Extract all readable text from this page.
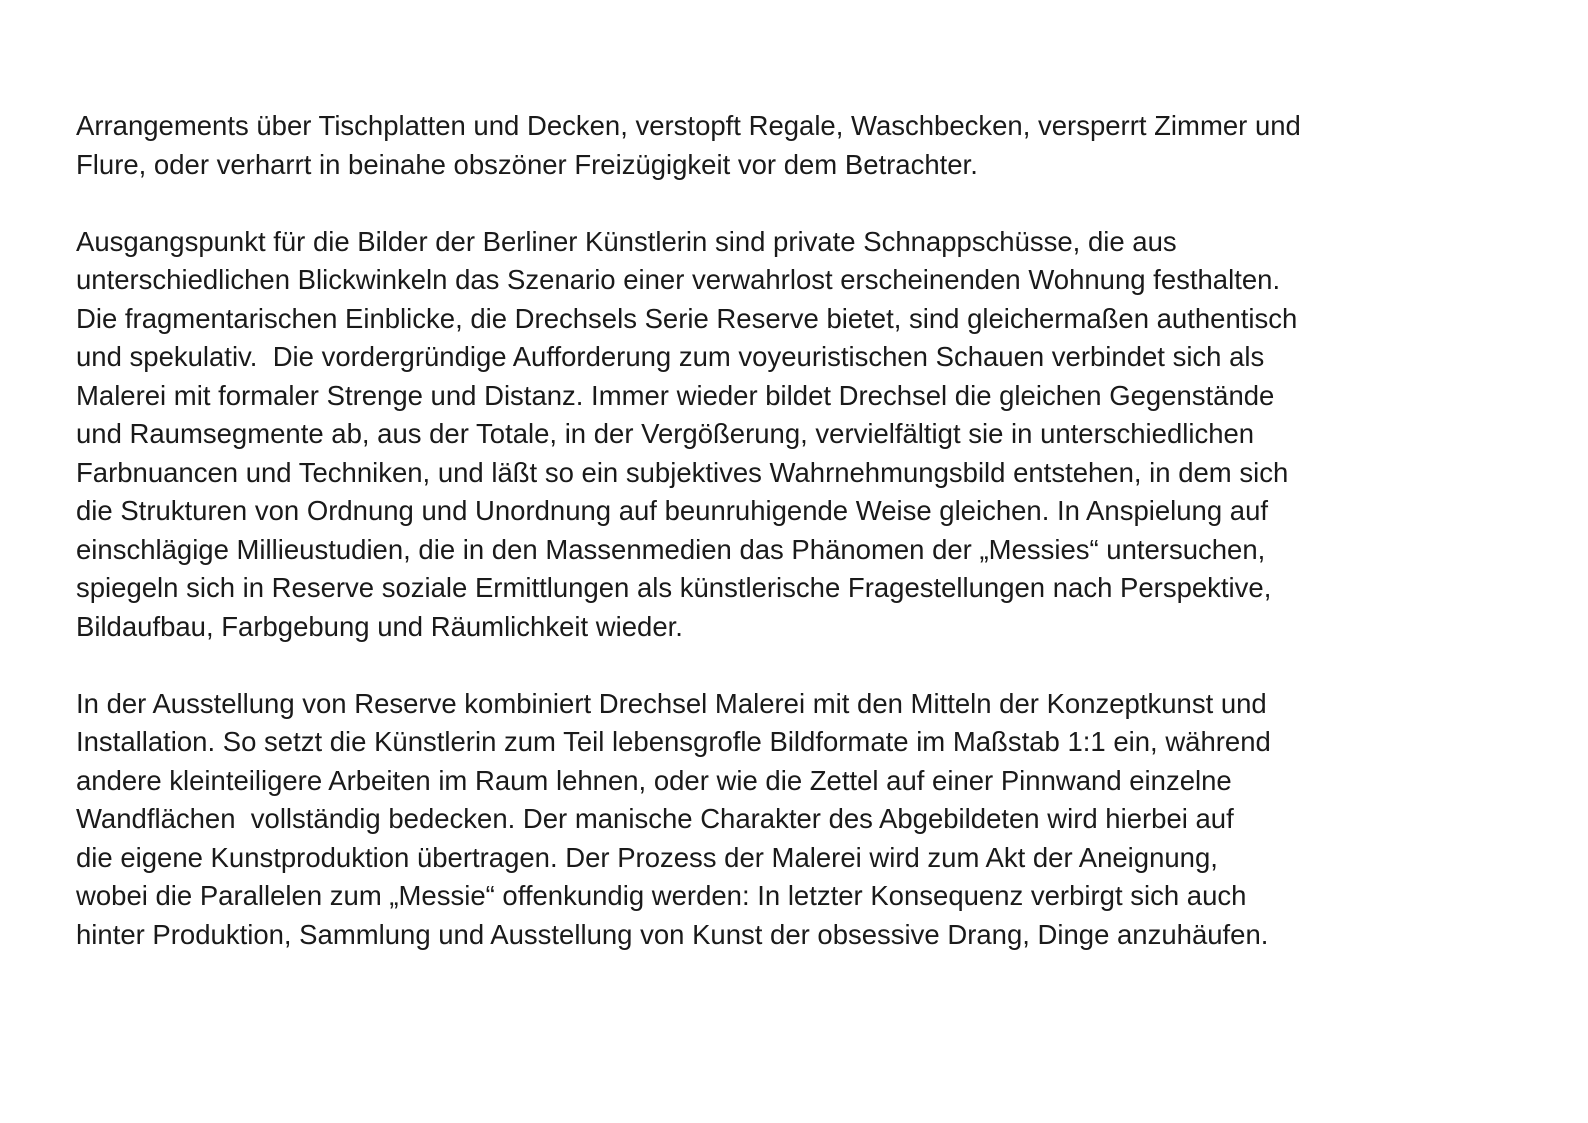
Arrangements über Tischplatten und Decken, verstopft Regale, Waschbecken, versperrt Zimmer und
Flure, oder verharrt in beinahe obszöner Freizügigkeit vor dem Betrachter.
Ausgangspunkt für die Bilder der Berliner Künstlerin sind private Schnappschüsse, die aus
unterschiedlichen Blickwinkeln das Szenario einer verwahrlost erscheinenden Wohnung festhalten.
Die fragmentarischen Einblicke, die Drechsels Serie Reserve bietet, sind gleichermaßen authentisch
und spekulativ.  Die vordergründige Aufforderung zum voyeuristischen Schauen verbindet sich als
Malerei mit formaler Strenge und Distanz. Immer wieder bildet Drechsel die gleichen Gegenstände
und Raumsegmente ab, aus der Totale, in der Vergößerung, vervielfältigt sie in unterschiedlichen
Farbnuancen und Techniken, und läßt so ein subjektives Wahrnehmungsbild entstehen, in dem sich
die Strukturen von Ordnung und Unordnung auf beunruhigende Weise gleichen. In Anspielung auf
einschlägige Millieustudien, die in den Massenmedien das Phänomen der „Messies“ untersuchen,
spiegeln sich in Reserve soziale Ermittlungen als künstlerische Fragestellungen nach Perspektive,
Bildaufbau, Farbgebung und Räumlichkeit wieder.
In der Ausstellung von Reserve kombiniert Drechsel Malerei mit den Mitteln der Konzeptkunst und
Installation. So setzt die Künstlerin zum Teil lebensgrofle Bildformate im Maßstab 1:1 ein, während
andere kleinteiligere Arbeiten im Raum lehnen, oder wie die Zettel auf einer Pinnwand einzelne
Wandflächen  vollständig bedecken. Der manische Charakter des Abgebildeten wird hierbei auf
die eigene Kunstproduktion übertragen. Der Prozess der Malerei wird zum Akt der Aneignung,
wobei die Parallelen zum „Messie“ offenkundig werden: In letzter Konsequenz verbirgt sich auch
hinter Produktion, Sammlung und Ausstellung von Kunst der obsessive Drang, Dinge anzuhäufen.
